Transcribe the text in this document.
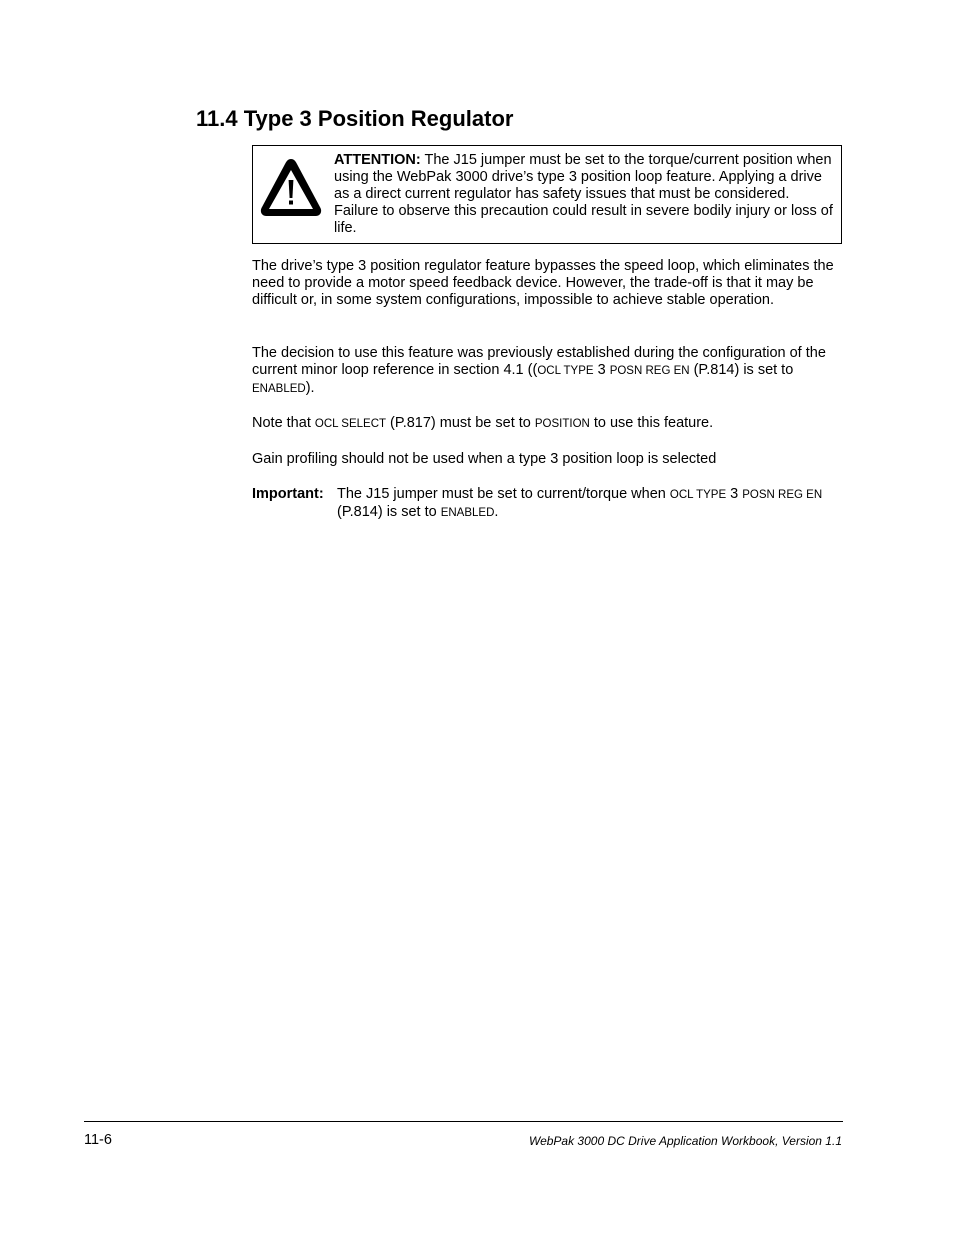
11.4 Type 3 Position Regulator
ATTENTION: The J15 jumper must be set to the torque/current position when using the WebPak 3000 drive’s type 3 position loop feature. Applying a drive as a direct current regulator has safety issues that must be considered. Failure to observe this precaution could result in severe bodily injury or loss of life.

The drive’s type 3 position regulator feature bypasses the speed loop, which eliminates the need to provide a motor speed feedback device. However, the trade-off is that it may be difficult or, in some system configurations, impossible to achieve stable operation.

The decision to use this feature was previously established during the configuration of the current minor loop reference in section 4.1 ((OCL TYPE 3 POSN REG EN (P.814) is set to ENABLED).

Note that OCL SELECT (P.817) must be set to POSITION to use this feature.

Gain profiling should not be used when a type 3 position loop is selected

Important: The J15 jumper must be set to current/torque when OCL TYPE 3 POSN REG EN (P.814) is set to ENABLED.
11-6	WebPak 3000 DC Drive Application Workbook, Version 1.1
